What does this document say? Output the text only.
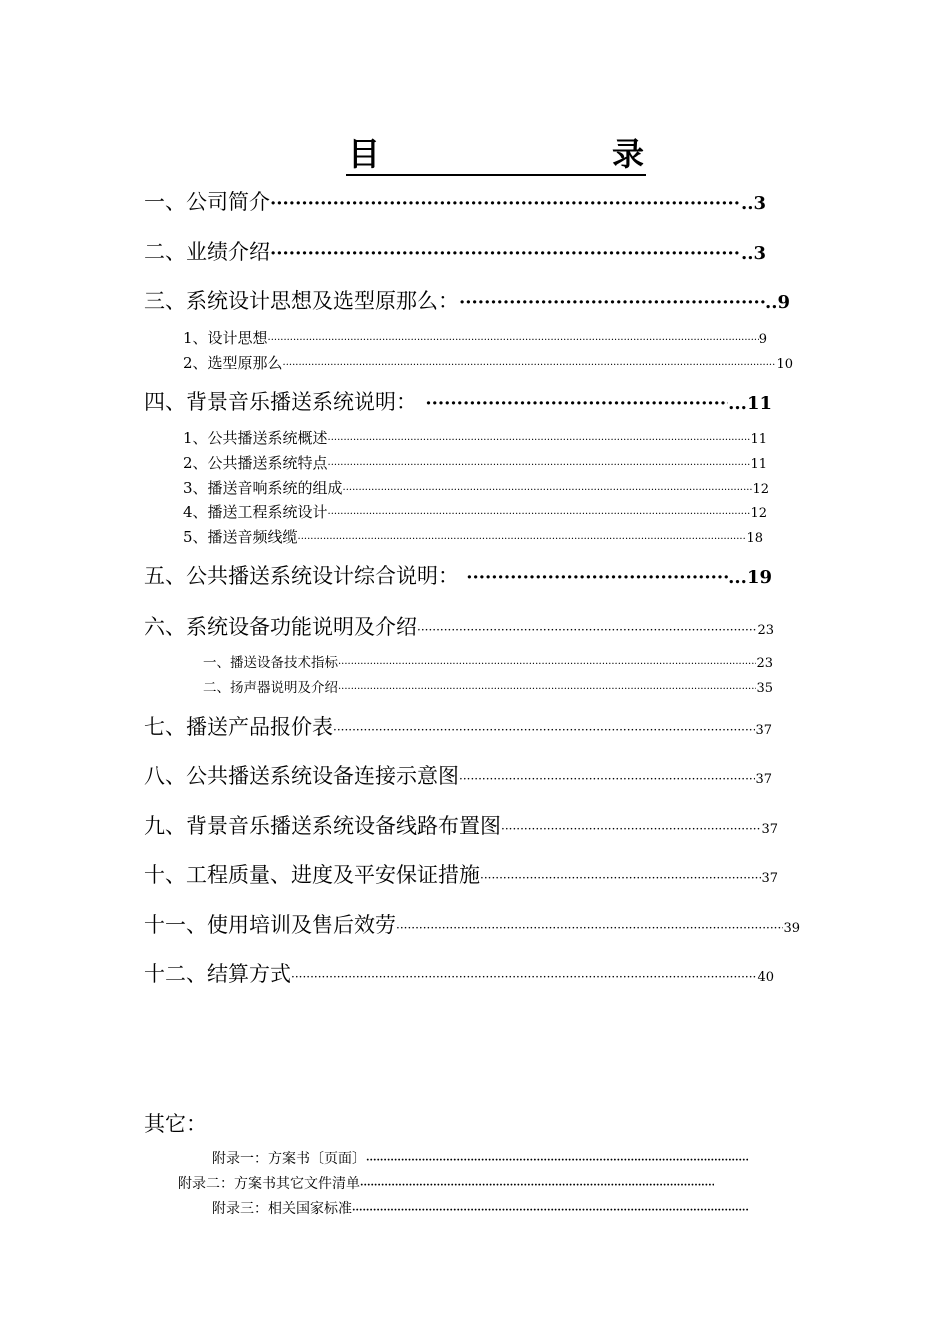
目	录
一、公司简介 ·····	..3
二、业绩介绍 ·····	..3
三、系统设计思想及选型原那么： ·····	..9
1、设计思想 ·····	9
2、选型原那么 ·····	10
四、背景音乐播送系统说明： ·····	...11
1、公共播送系统概述 ·····	11
2、公共播送系统特点 ·····	11
3、播送音响系统的组成 ·····	12
4、播送工程系统设计 ·····	12
5、播送音频线缆 ·····	18
五、公共播送系统设计综合说明： ·····	...19
六、系统设备功能说明及介绍 ·····	23
一、播送设备技术指标 ·····	23
二、扬声器说明及介绍 ·····	35
七、播送产品报价表 ·····	37
八、公共播送系统设备连接示意图 ·····	37
九、背景音乐播送系统设备线路布置图 ·····	37
十、工程质量、进度及平安保证措施 ·····	37
十一、使用培训及售后效劳 ·····	39
十二、结算方式 ·····	40
其它：
附录一：方案书〔页面〕
·····
附录二：方案书其它文件清单
·····
附录三：相关国家标准
·····
